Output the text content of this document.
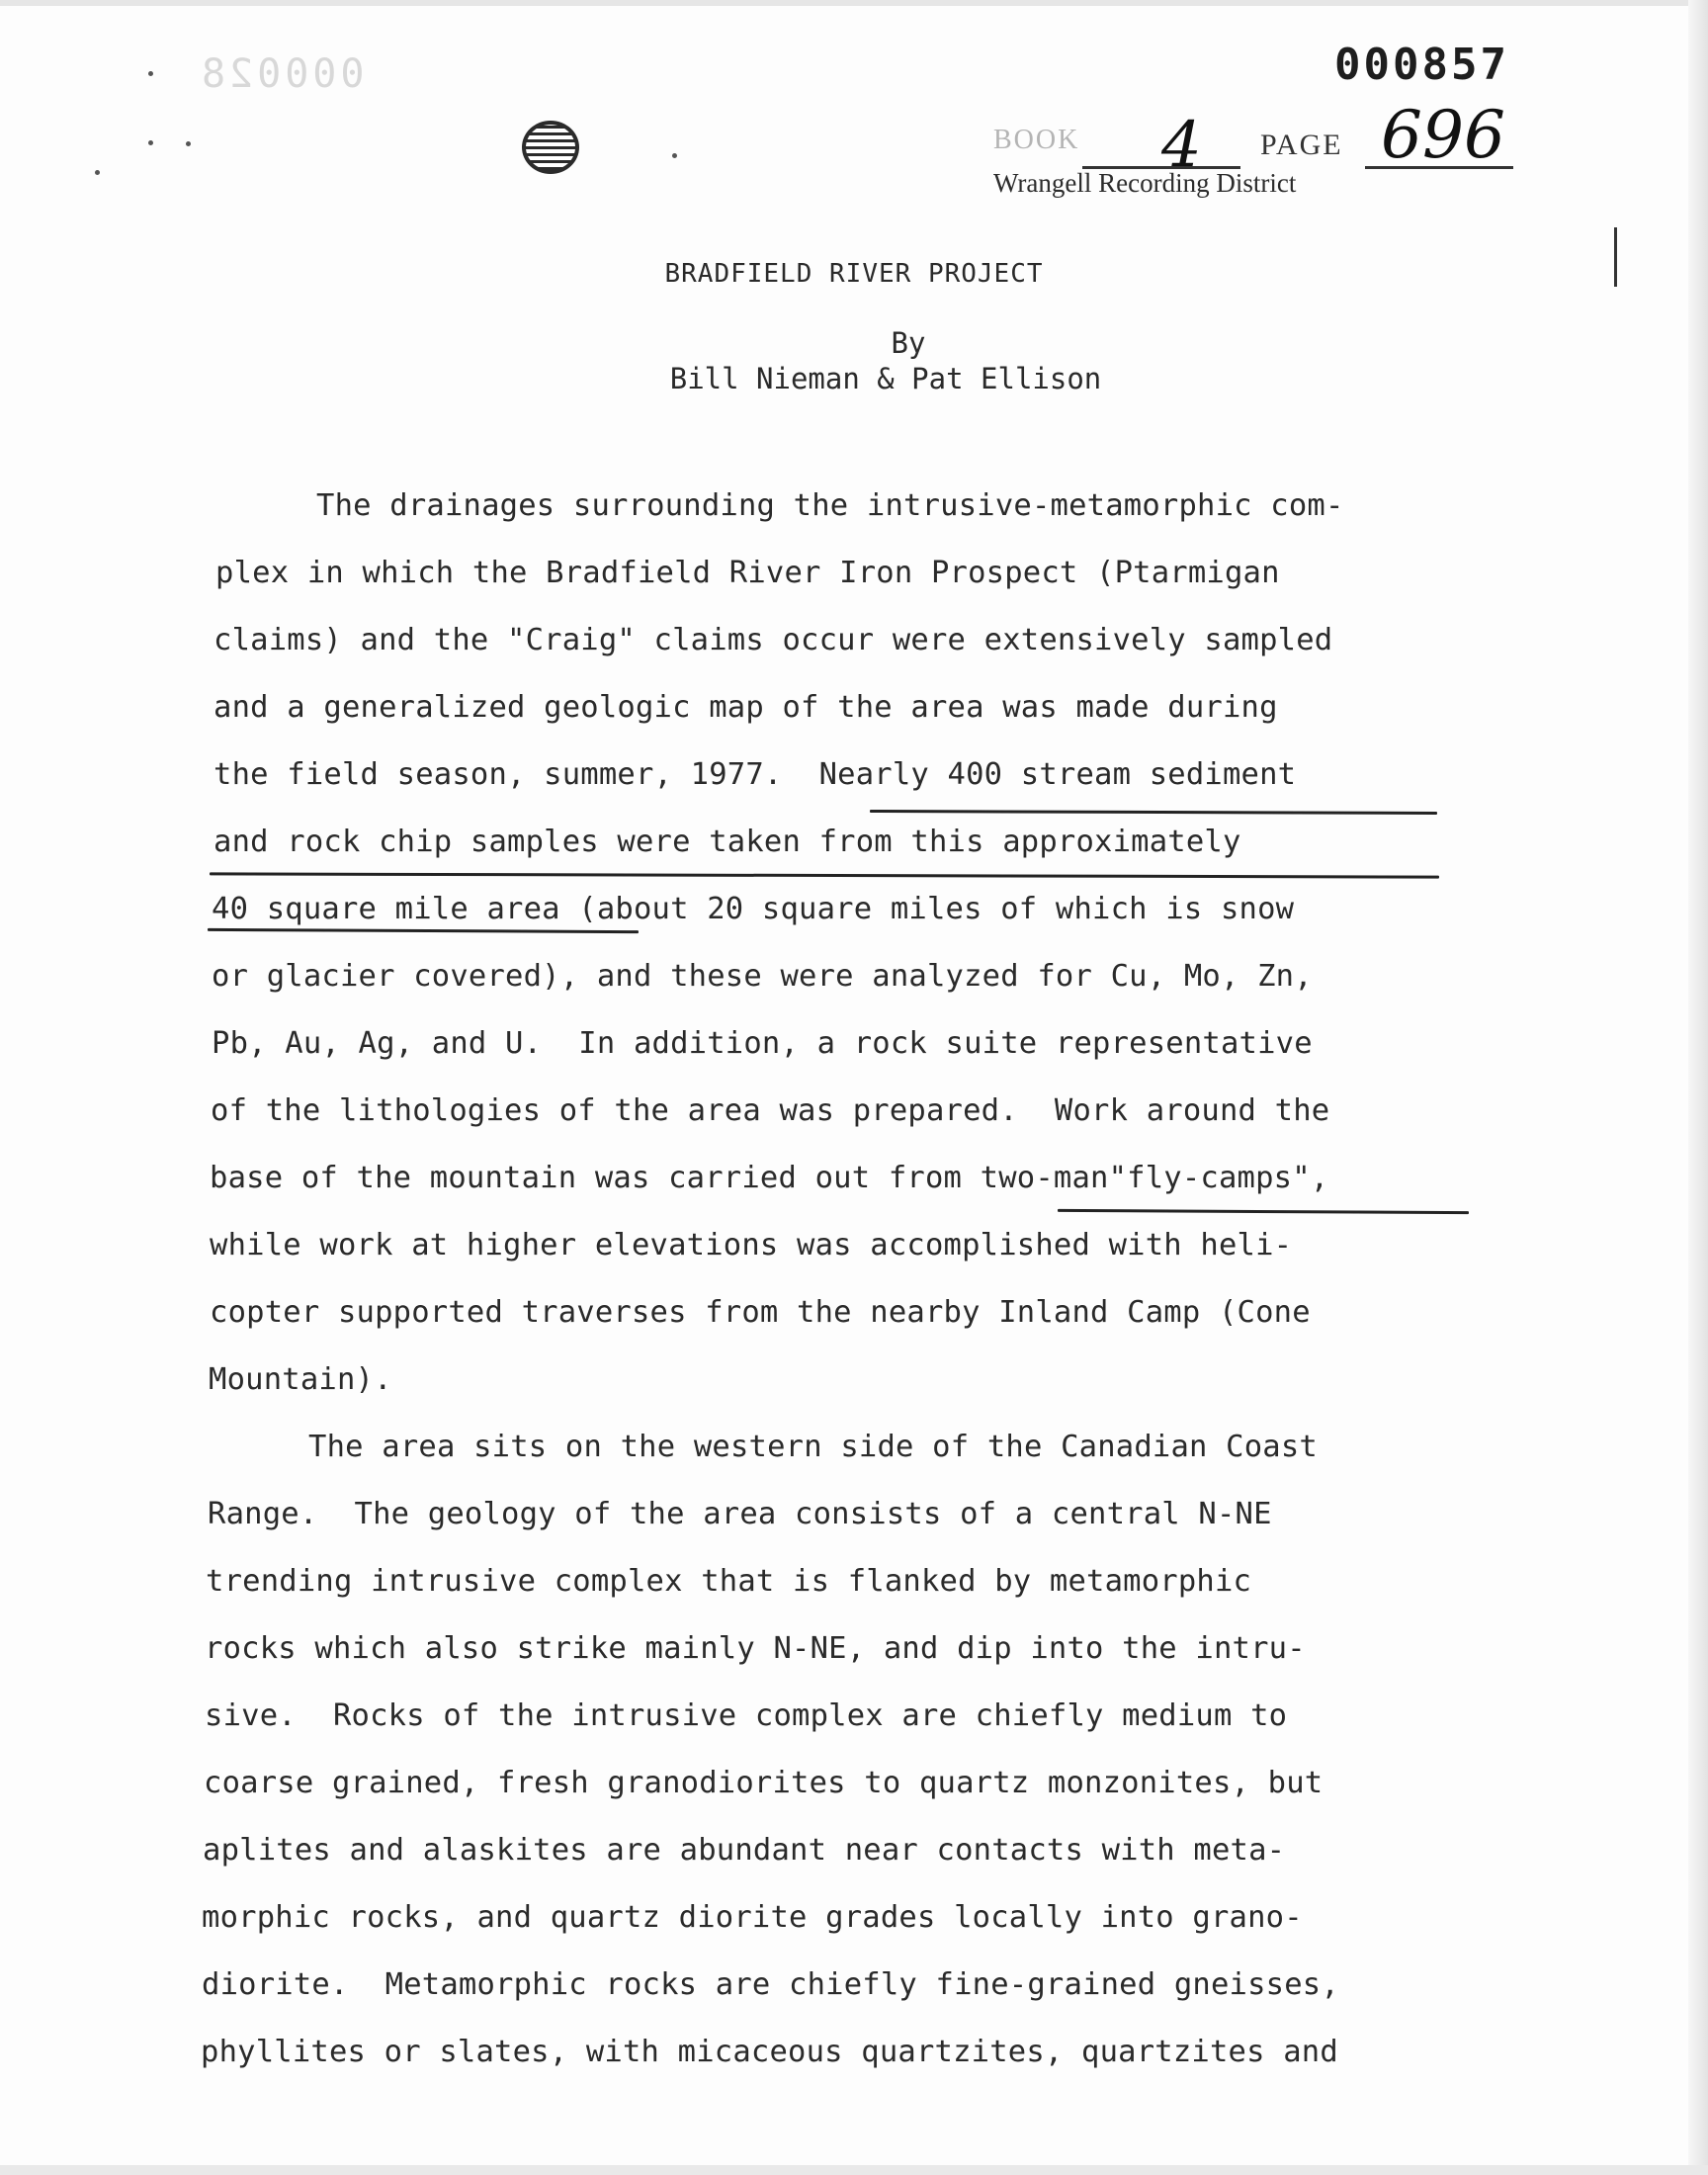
000028	000857
BOOK 4 PAGE 696
Wrangell Recording District
BRADFIELD RIVER PROJECT
By
Bill Nieman & Pat Ellison
The drainages surrounding the intrusive-metamorphic com-
plex in which the Bradfield River Iron Prospect (Ptarmigan
claims) and the "Craig" claims occur were extensively sampled
and a generalized geologic map of the area was made during
the field season, summer, 1977.  Nearly 400 stream sediment
and rock chip samples were taken from this approximately
40 square mile area (about 20 square miles of which is snow
or glacier covered), and these were analyzed for Cu, Mo, Zn,
Pb, Au, Ag, and U.  In addition, a rock suite representative
of the lithologies of the area was prepared.  Work around the
base of the mountain was carried out from two-man"fly-camps",
while work at higher elevations was accomplished with heli-
copter supported traverses from the nearby Inland Camp (Cone
Mountain).
The area sits on the western side of the Canadian Coast
Range.  The geology of the area consists of a central N-NE
trending intrusive complex that is flanked by metamorphic
rocks which also strike mainly N-NE, and dip into the intru-
sive.  Rocks of the intrusive complex are chiefly medium to
coarse grained, fresh granodiorites to quartz monzonites, but
aplites and alaskites are abundant near contacts with meta-
morphic rocks, and quartz diorite grades locally into grano-
diorite.  Metamorphic rocks are chiefly fine-grained gneisses,
phyllites or slates, with micaceous quartzites, quartzites and
